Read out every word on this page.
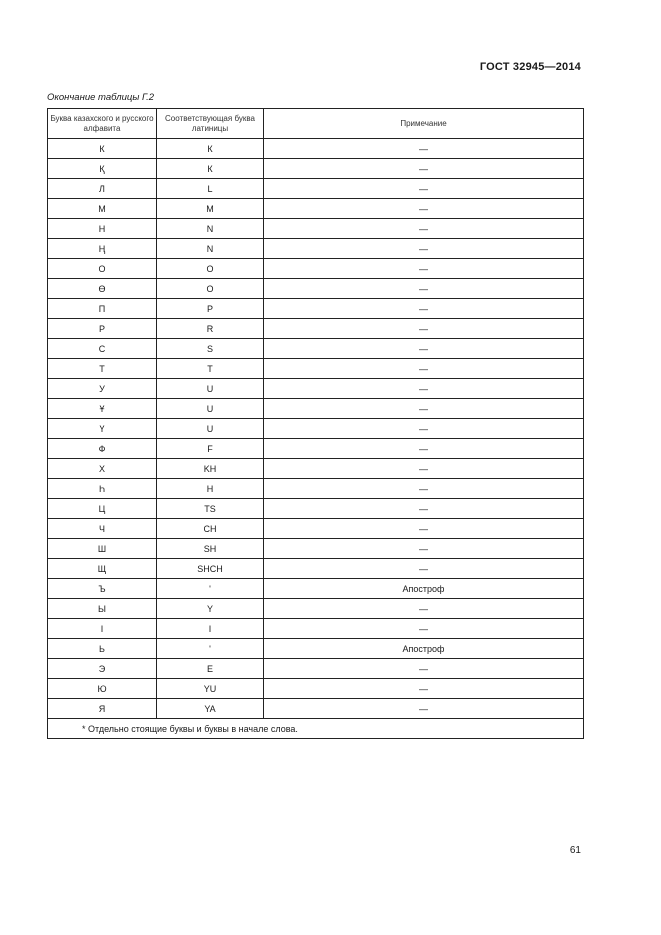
ГОСТ 32945—2014
Окончание таблицы Г.2
Буква казахского и русского алфавита	Соответствующая буква латиницы	Примечание
К	К	—
Қ	К	—
Л	L	—
М	М	—
Н	N	—
Ң	N	—
О	O	—
Ө	O	—
П	P	—
Р	R	—
С	S	—
Т	T	—
У	U	—
Ұ	U	—
Ү	U	—
Ф	F	—
Х	KH	—
Һ	H	—
Ц	TS	—
Ч	CH	—
Ш	SH	—
Щ	SHCH	—
Ъ	'	Апостроф
Ы	Y	—
І	I	—
Ь	'	Апостроф
Э	E	—
Ю	YU	—
Я	YA	—
* Отдельно стоящие буквы и буквы в начале слова.		
61
